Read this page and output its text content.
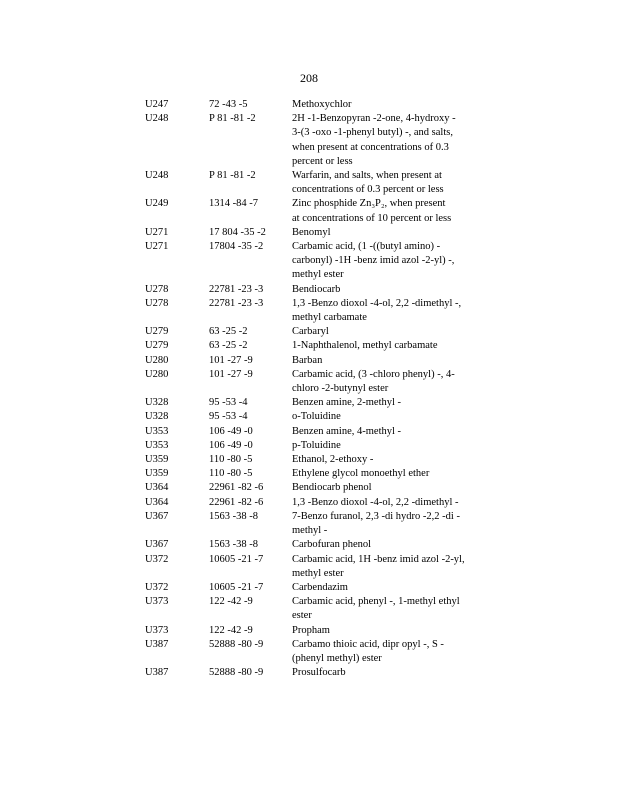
208
U247	72 -43 -5	Methoxychlor
U248	P 81 -81 -2	2H -1-Benzopyran -2-one, 4-hydroxy -
3-(3 -oxo -1-phenyl butyl) -, and salts,
when present at concentrations of 0.3
percent or less
U248	P 81 -81 -2	Warfarin, and salts, when present at
concentrations of 0.3 percent or less
U249	1314 -84 -7	Zinc phosphide Zn₃P₂, when present
at concentrations of 10 percent or less
U271	17 804 -35 -2	Benomyl
U271	17804 -35 -2	Carbamic acid, (1 -((butyl amino) -
carbonyl) -1H -benz imid azol -2-yl) -,
methyl ester
U278	22781 -23 -3	Bendiocarb
U278	22781 -23 -3	1,3 -Benzo dioxol -4-ol, 2,2 -dimethyl -,
methyl carbamate
U279	63 -25 -2	Carbaryl
U279	63 -25 -2	1-Naphthalenol, methyl carbamate
U280	101 -27 -9	Barban
U280	101 -27 -9	Carbamic acid, (3 -chloro phenyl) -, 4-
chloro -2-butynyl ester
U328	95 -53 -4	Benzen amine, 2-methyl -
U328	95 -53 -4	o-Toluidine
U353	106 -49 -0	Benzen amine, 4-methyl -
U353	106 -49 -0	p-Toluidine
U359	110 -80 -5	Ethanol, 2-ethoxy -
U359	110 -80 -5	Ethylene glycol monoethyl ether
U364	22961 -82 -6	Bendiocarb phenol
U364	22961 -82 -6	1,3 -Benzo dioxol -4-ol, 2,2 -dimethyl -
U367	1563 -38 -8	7-Benzo furanol, 2,3 -di hydro -2,2 -di -
methyl -
U367	1563 -38 -8	Carbofuran phenol
U372	10605 -21 -7	Carbamic acid, 1H -benz imid azol -2-yl,
methyl ester
U372	10605 -21 -7	Carbendazim
U373	122 -42 -9	Carbamic acid, phenyl -, 1-methyl ethyl
ester
U373	122 -42 -9	Propham
U387	52888 -80 -9	Carbamo thioic acid, dipr opyl -, S -
(phenyl methyl) ester
U387	52888 -80 -9	Prosulfocarb
